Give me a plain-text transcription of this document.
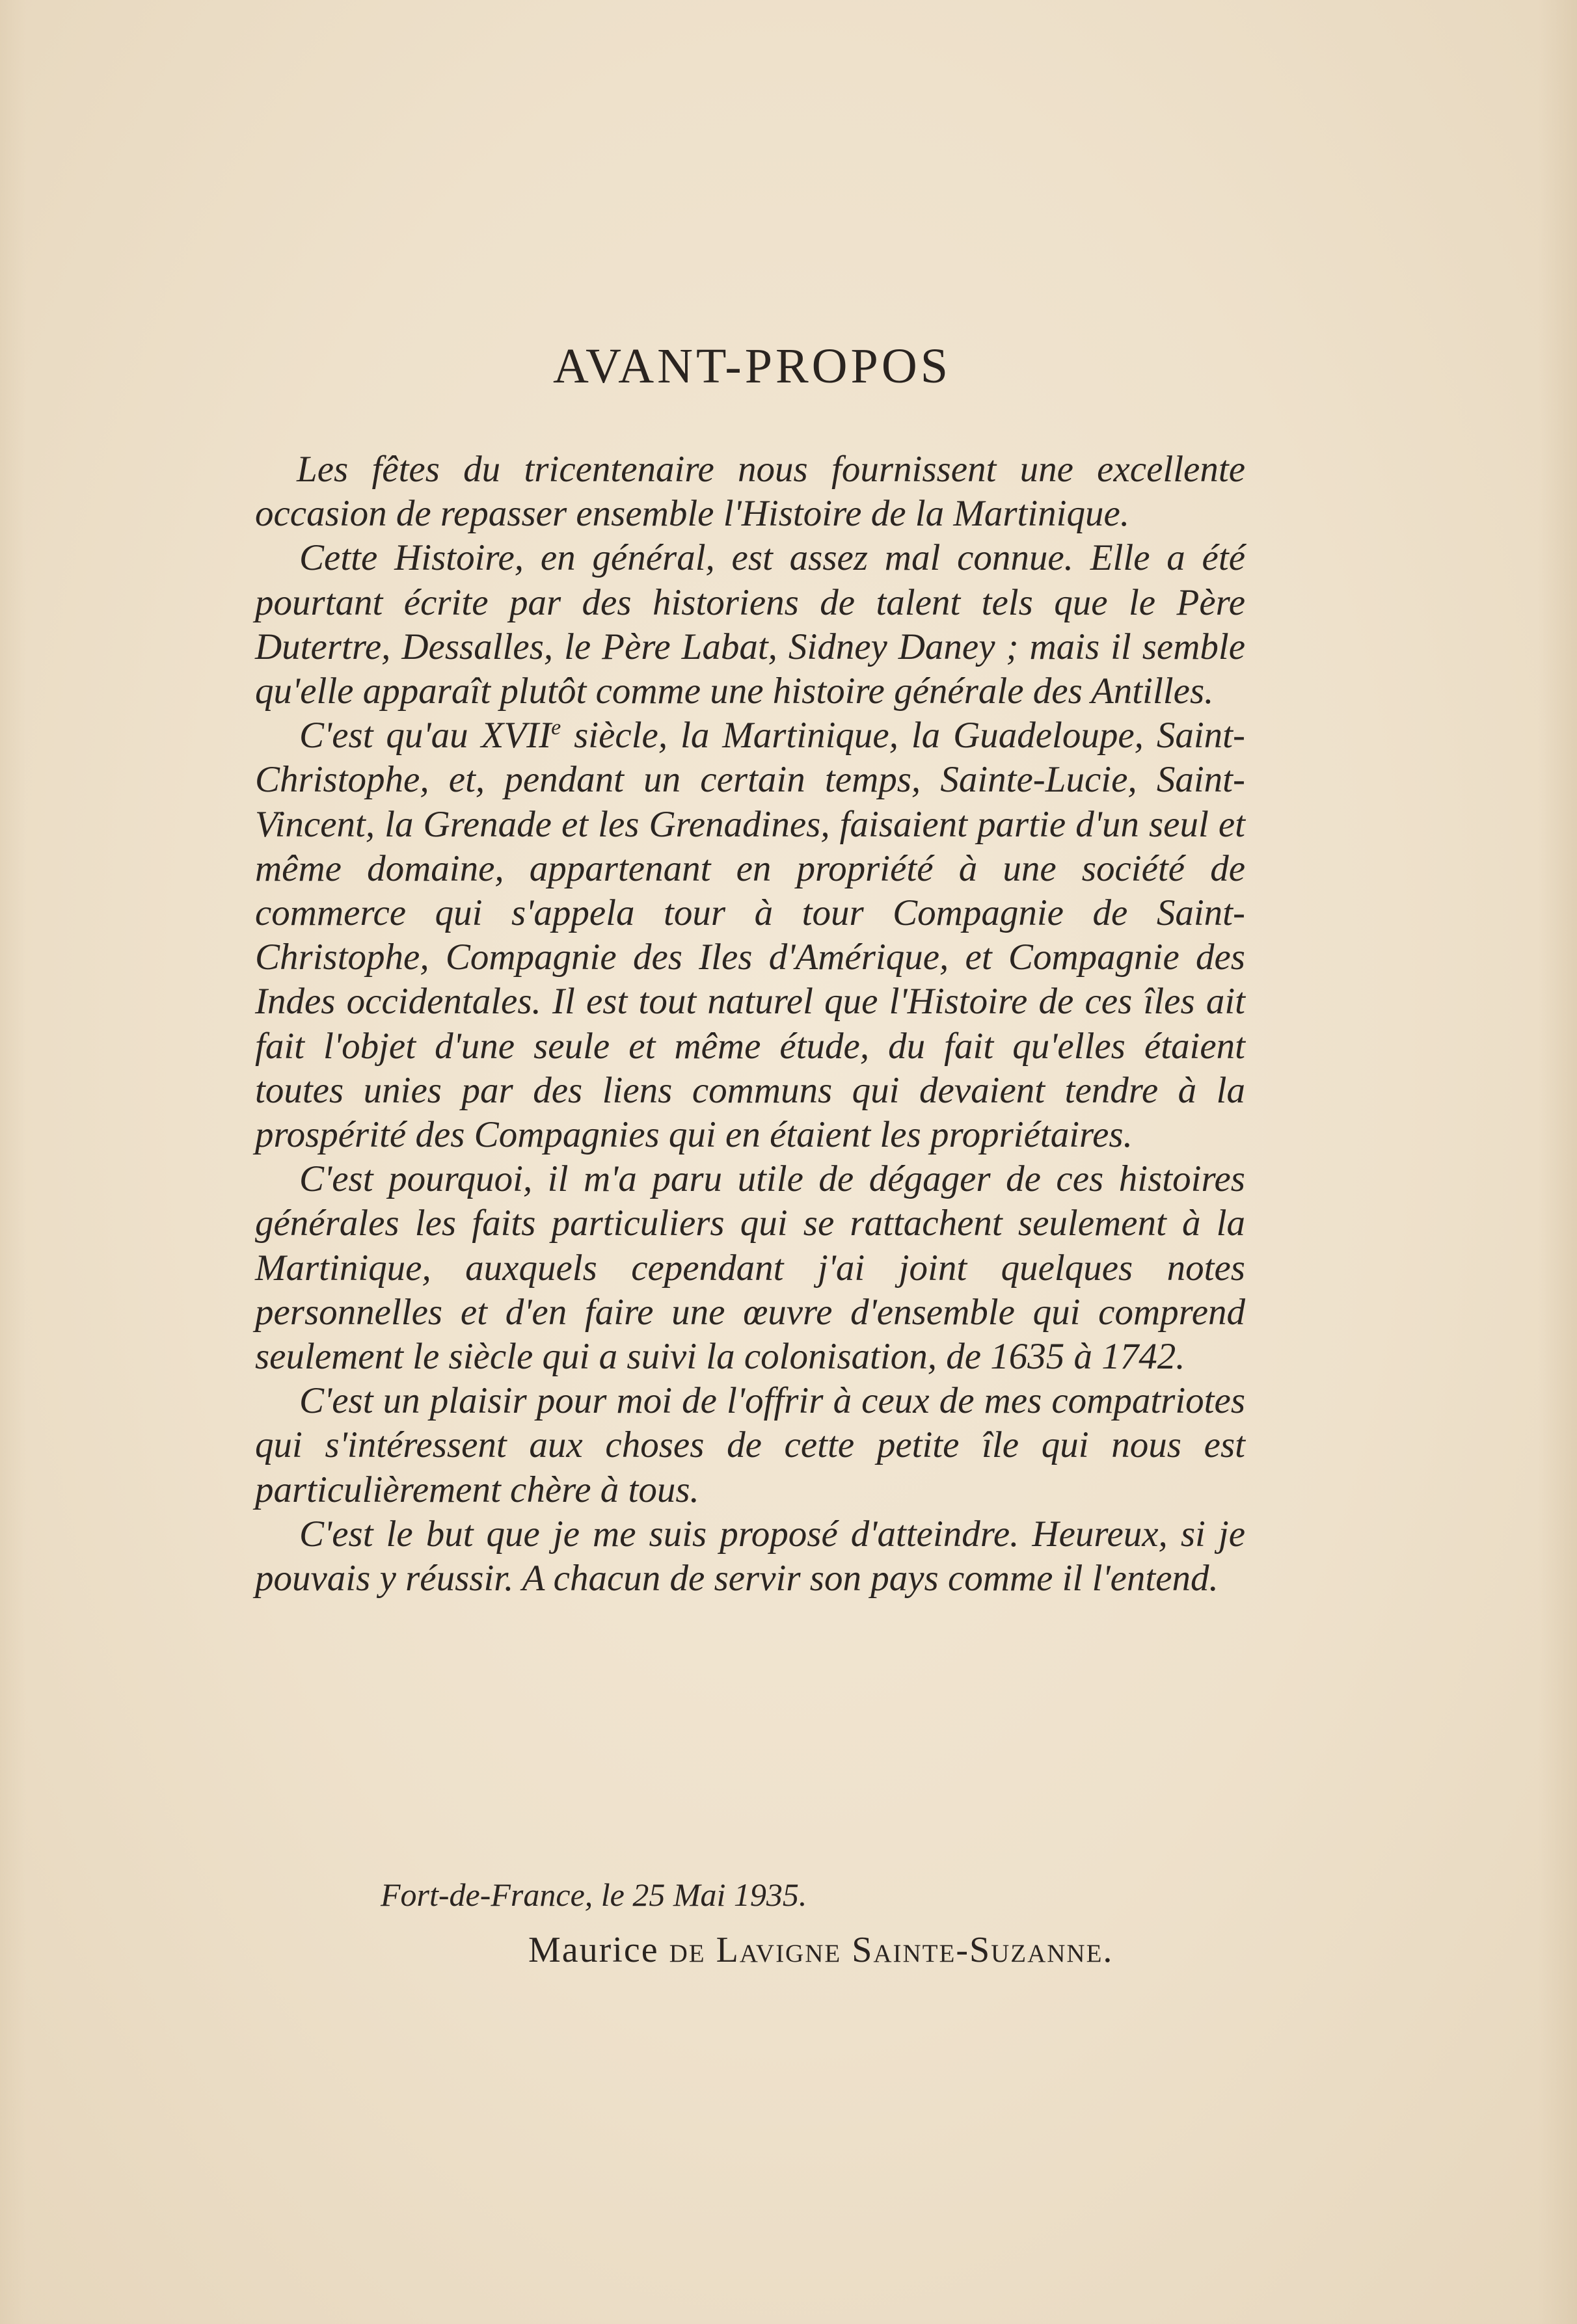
AVANT-PROPOS

Les fêtes du tricentenaire nous fournissent une excellente occasion de repasser ensemble l'Histoire de la Martinique.

Cette Histoire, en général, est assez mal connue. Elle a été pourtant écrite par des historiens de talent tels que le Père Dutertre, Dessalles, le Père Labat, Sidney Daney ; mais il semble qu'elle apparaît plutôt comme une histoire générale des Antilles.

C'est qu'au XVIIe siècle, la Martinique, la Guadeloupe, Saint-Christophe, et, pendant un certain temps, Sainte-Lucie, Saint-Vincent, la Grenade et les Grenadines, faisaient partie d'un seul et même domaine, appartenant en propriété à une société de commerce qui s'appela tour à tour Compagnie de Saint-Christophe, Compagnie des Iles d'Amérique, et Compagnie des Indes occidentales. Il est tout naturel que l'Histoire de ces îles ait fait l'objet d'une seule et même étude, du fait qu'elles étaient toutes unies par des liens communs qui devaient tendre à la prospérité des Compagnies qui en étaient les propriétaires.

C'est pourquoi, il m'a paru utile de dégager de ces histoires générales les faits particuliers qui se rattachent seulement à la Martinique, auxquels cependant j'ai joint quelques notes personnelles et d'en faire une œuvre d'ensemble qui comprend seulement le siècle qui a suivi la colonisation, de 1635 à 1742.

C'est un plaisir pour moi de l'offrir à ceux de mes compatriotes qui s'intéressent aux choses de cette petite île qui nous est particulièrement chère à tous.

C'est le but que je me suis proposé d'atteindre. Heureux, si je pouvais y réussir. A chacun de servir son pays comme il l'entend.

Fort-de-France, le 25 Mai 1935.
Maurice de Lavigne Sainte-Suzanne.
